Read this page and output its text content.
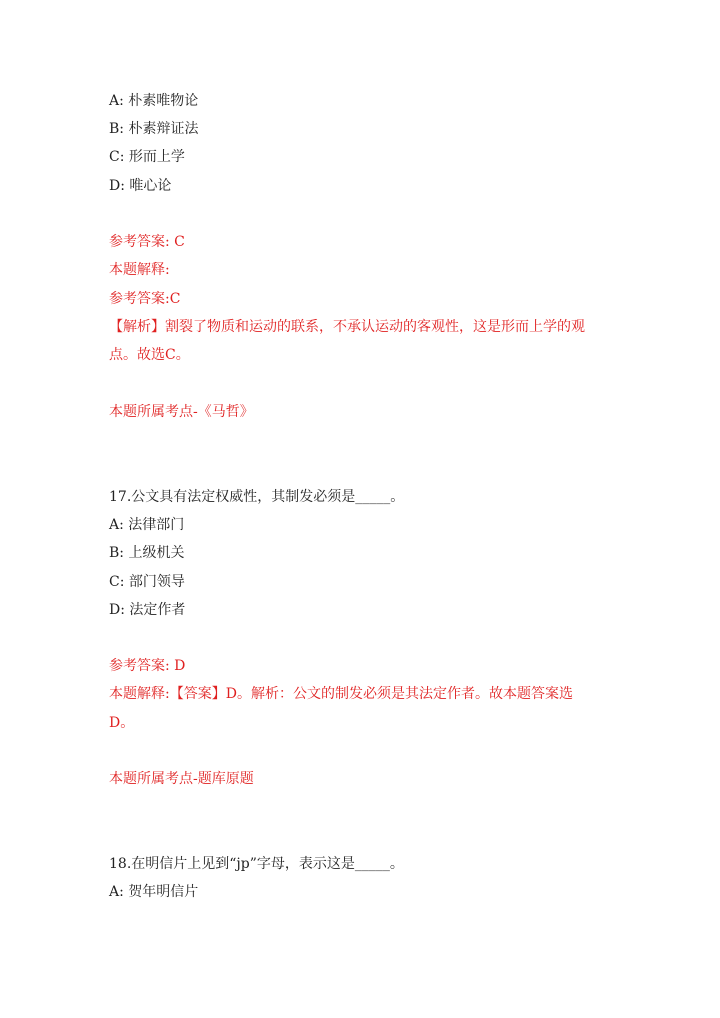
A: 朴素唯物论
B: 朴素辩证法
C: 形而上学
D: 唯心论
参考答案: C
本题解释:
参考答案:C
【解析】割裂了物质和运动的联系，不承认运动的客观性，这是形而上学的观
点。故选C。
本题所属考点-《马哲》
17.公文具有法定权威性，其制发必须是_____。
A: 法律部门
B: 上级机关
C: 部门领导
D: 法定作者
参考答案: D
本题解释:【答案】D。解析：公文的制发必须是其法定作者。故本题答案选
D。
本题所属考点-题库原题
18.在明信片上见到“jp”字母，表示这是_____。
A: 贺年明信片
